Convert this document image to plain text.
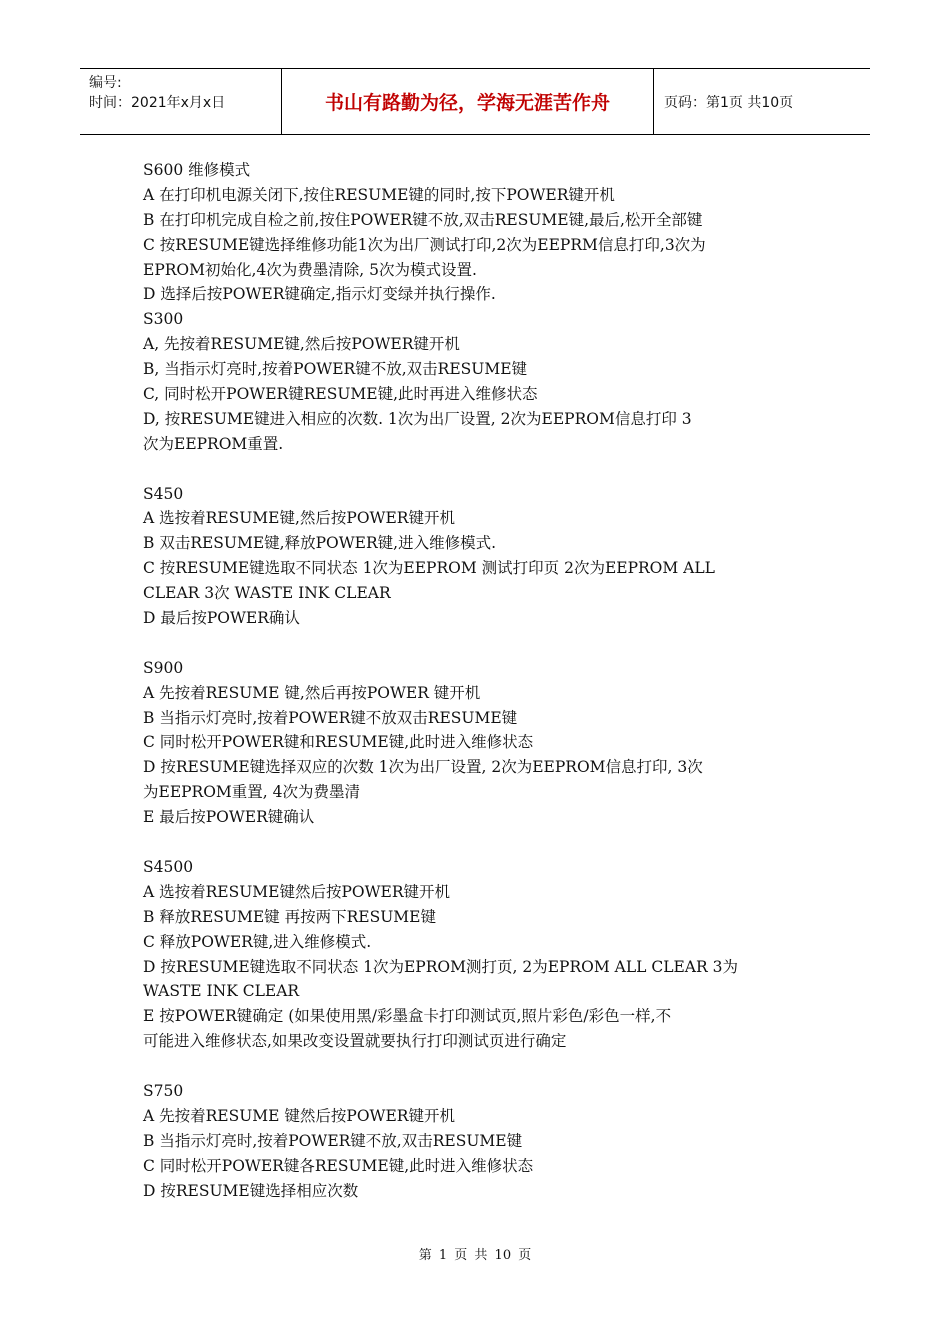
编号:
时间：2021年x月x日	书山有路勤为径，学海无涯苦作舟	页码：第1页 共10页
S600 维修模式
A 在打印机电源关闭下,按住RESUME键的同时,按下POWER键开机
B 在打印机完成自检之前,按住POWER键不放,双击RESUME键,最后,松开全部键
C 按RESUME键选择维修功能1次为出厂测试打印,2次为EEPRM信息打印,3次为
EPROM初始化,4次为费墨清除, 5次为模式设置.
D 选择后按POWER键确定,指示灯变绿并执行操作.
S300
A, 先按着RESUME键,然后按POWER键开机
B, 当指示灯亮时,按着POWER键不放,双击RESUME键
C, 同时松开POWER键RESUME键,此时再进入维修状态
D, 按RESUME键进入相应的次数. 1次为出厂设置, 2次为EEPROM信息打印 3
次为EEPROM重置.
S450
A 选按着RESUME键,然后按POWER键开机
B 双击RESUME键,释放POWER键,进入维修模式.
C 按RESUME键选取不同状态 1次为EEPROM 测试打印页 2次为EEPROM ALL
CLEAR 3次 WASTE INK CLEAR
D 最后按POWER确认
S900
A 先按着RESUME 键,然后再按POWER 键开机
B 当指示灯亮时,按着POWER键不放双击RESUME键
C 同时松开POWER键和RESUME键,此时进入维修状态
D 按RESUME键选择双应的次数 1次为出厂设置, 2次为EEPROM信息打印, 3次
为EEPROM重置, 4次为费墨清
E 最后按POWER键确认
S4500
A 选按着RESUME键然后按POWER键开机
B 释放RESUME键 再按两下RESUME键
C 释放POWER键,进入维修模式.
D 按RESUME键选取不同状态 1次为EPROM测打页, 2为EPROM ALL CLEAR 3为
WASTE INK CLEAR
E 按POWER键确定 (如果使用黑/彩墨盒卡打印测试页,照片彩色/彩色一样,不
可能进入维修状态,如果改变设置就要执行打印测试页进行确定
S750
A 先按着RESUME 键然后按POWER键开机
B 当指示灯亮时,按着POWER键不放,双击RESUME键
C 同时松开POWER键各RESUME键,此时进入维修状态
D 按RESUME键选择相应次数
第 1 页 共 10 页
